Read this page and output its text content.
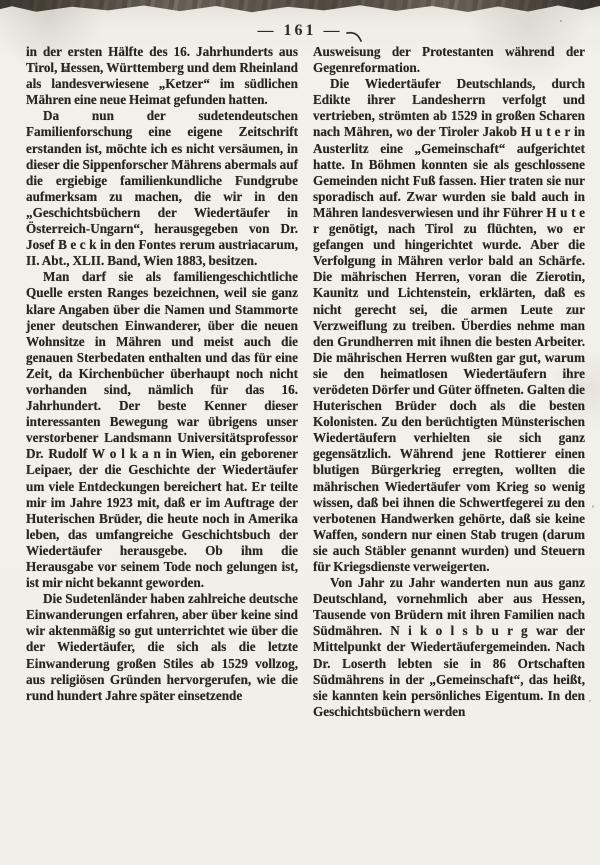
— 161 —

in der ersten Hälfte des 16. Jahrhunderts aus Tirol, Hessen, Württemberg und dem Rheinland als landesverwiesene „Ketzer“ im südlichen Mähren eine neue Heimat gefunden hatten.

Da nun der sudetendeutschen Familienforschung eine eigene Zeitschrift erstanden ist, möchte ich es nicht versäumen, in dieser die Sippenforscher Mährens abermals auf die ergiebige familienkundliche Fundgrube aufmerksam zu machen, die wir in den „Geschichtsbüchern der Wiedertäufer in Österreich-Ungarn“, herausgegeben von Dr. Josef B e c k in den Fontes rerum austriacarum, II. Abt., XLII. Band, Wien 1883, besitzen.

Man darf sie als familiengeschichtliche Quelle ersten Ranges bezeichnen, weil sie ganz klare Angaben über die Namen und Stammorte jener deutschen Einwanderer, über die neuen Wohnsitze in Mähren und meist auch die genauen Sterbedaten enthalten und das für eine Zeit, da Kirchenbücher überhaupt noch nicht vorhanden sind, nämlich für das 16. Jahrhundert. Der beste Kenner dieser interessanten Bewegung war übrigens unser verstorbener Landsmann Universitätsprofessor Dr. Rudolf W o l k a n in Wien, ein geborener Leipaer, der die Geschichte der Wiedertäufer um viele Entdeckungen bereichert hat. Er teilte mir im Jahre 1923 mit, daß er im Auftrage der Huterischen Brüder, die heute noch in Amerika leben, das umfangreiche Geschichtsbuch der Wiedertäufer herausgebe. Ob ihm die Herausgabe vor seinem Tode noch gelungen ist, ist mir nicht bekannt geworden.

Die Sudetenländer haben zahlreiche deutsche Einwanderungen erfahren, aber über keine sind wir aktenmäßig so gut unterrichtet wie über die der Wiedertäufer, die sich als die letzte Einwanderung großen Stiles ab 1529 vollzog, aus religiösen Gründen hervorgerufen, wie die rund hundert Jahre später einsetzende

Ausweisung der Protestanten während der Gegenreformation.

Die Wiedertäufer Deutschlands, durch Edikte ihrer Landesherrn verfolgt und vertrieben, strömten ab 1529 in großen Scharen nach Mähren, wo der Tiroler Jakob H u t e r in Austerlitz eine „Gemeinschaft“ aufgerichtet hatte. In Böhmen konnten sie als geschlossene Gemeinden nicht Fuß fassen. Hier traten sie nur sporadisch auf. Zwar wurden sie bald auch in Mähren landesverwiesen und ihr Führer H u t e r genötigt, nach Tirol zu flüchten, wo er gefangen und hingerichtet wurde. Aber die Verfolgung in Mähren verlor bald an Schärfe. Die mährischen Herren, voran die Zierotin, Kaunitz und Lichtenstein, erklärten, daß es nicht gerecht sei, die armen Leute zur Verzweiflung zu treiben. Überdies nehme man den Grundherren mit ihnen die besten Arbeiter. Die mährischen Herren wußten gar gut, warum sie den heimatlosen Wiedertäufern ihre verödeten Dörfer und Güter öffneten. Galten die Huterischen Brüder doch als die besten Kolonisten. Zu den berüchtigten Münsterischen Wiedertäufern verhielten sie sich ganz gegensätzlich. Während jene Rottierer einen blutigen Bürgerkrieg erregten, wollten die mährischen Wiedertäufer vom Krieg so wenig wissen, daß bei ihnen die Schwertfegerei zu den verbotenen Handwerken gehörte, daß sie keine Waffen, sondern nur einen Stab trugen (darum sie auch Stäbler genannt wurden) und Steuern für Kriegsdienste verweigerten.

Von Jahr zu Jahr wanderten nun aus ganz Deutschland, vornehmlich aber aus Hessen, Tausende von Brüdern mit ihren Familien nach Südmähren. N i k o l s b u r g war der Mittelpunkt der Wiedertäufergemeinden. Nach Dr. Loserth lebten sie in 86 Ortschaften Südmährens in der „Gemeinschaft“, das heißt, sie kannten kein persönliches Eigentum. In den Geschichtsbüchern werden
